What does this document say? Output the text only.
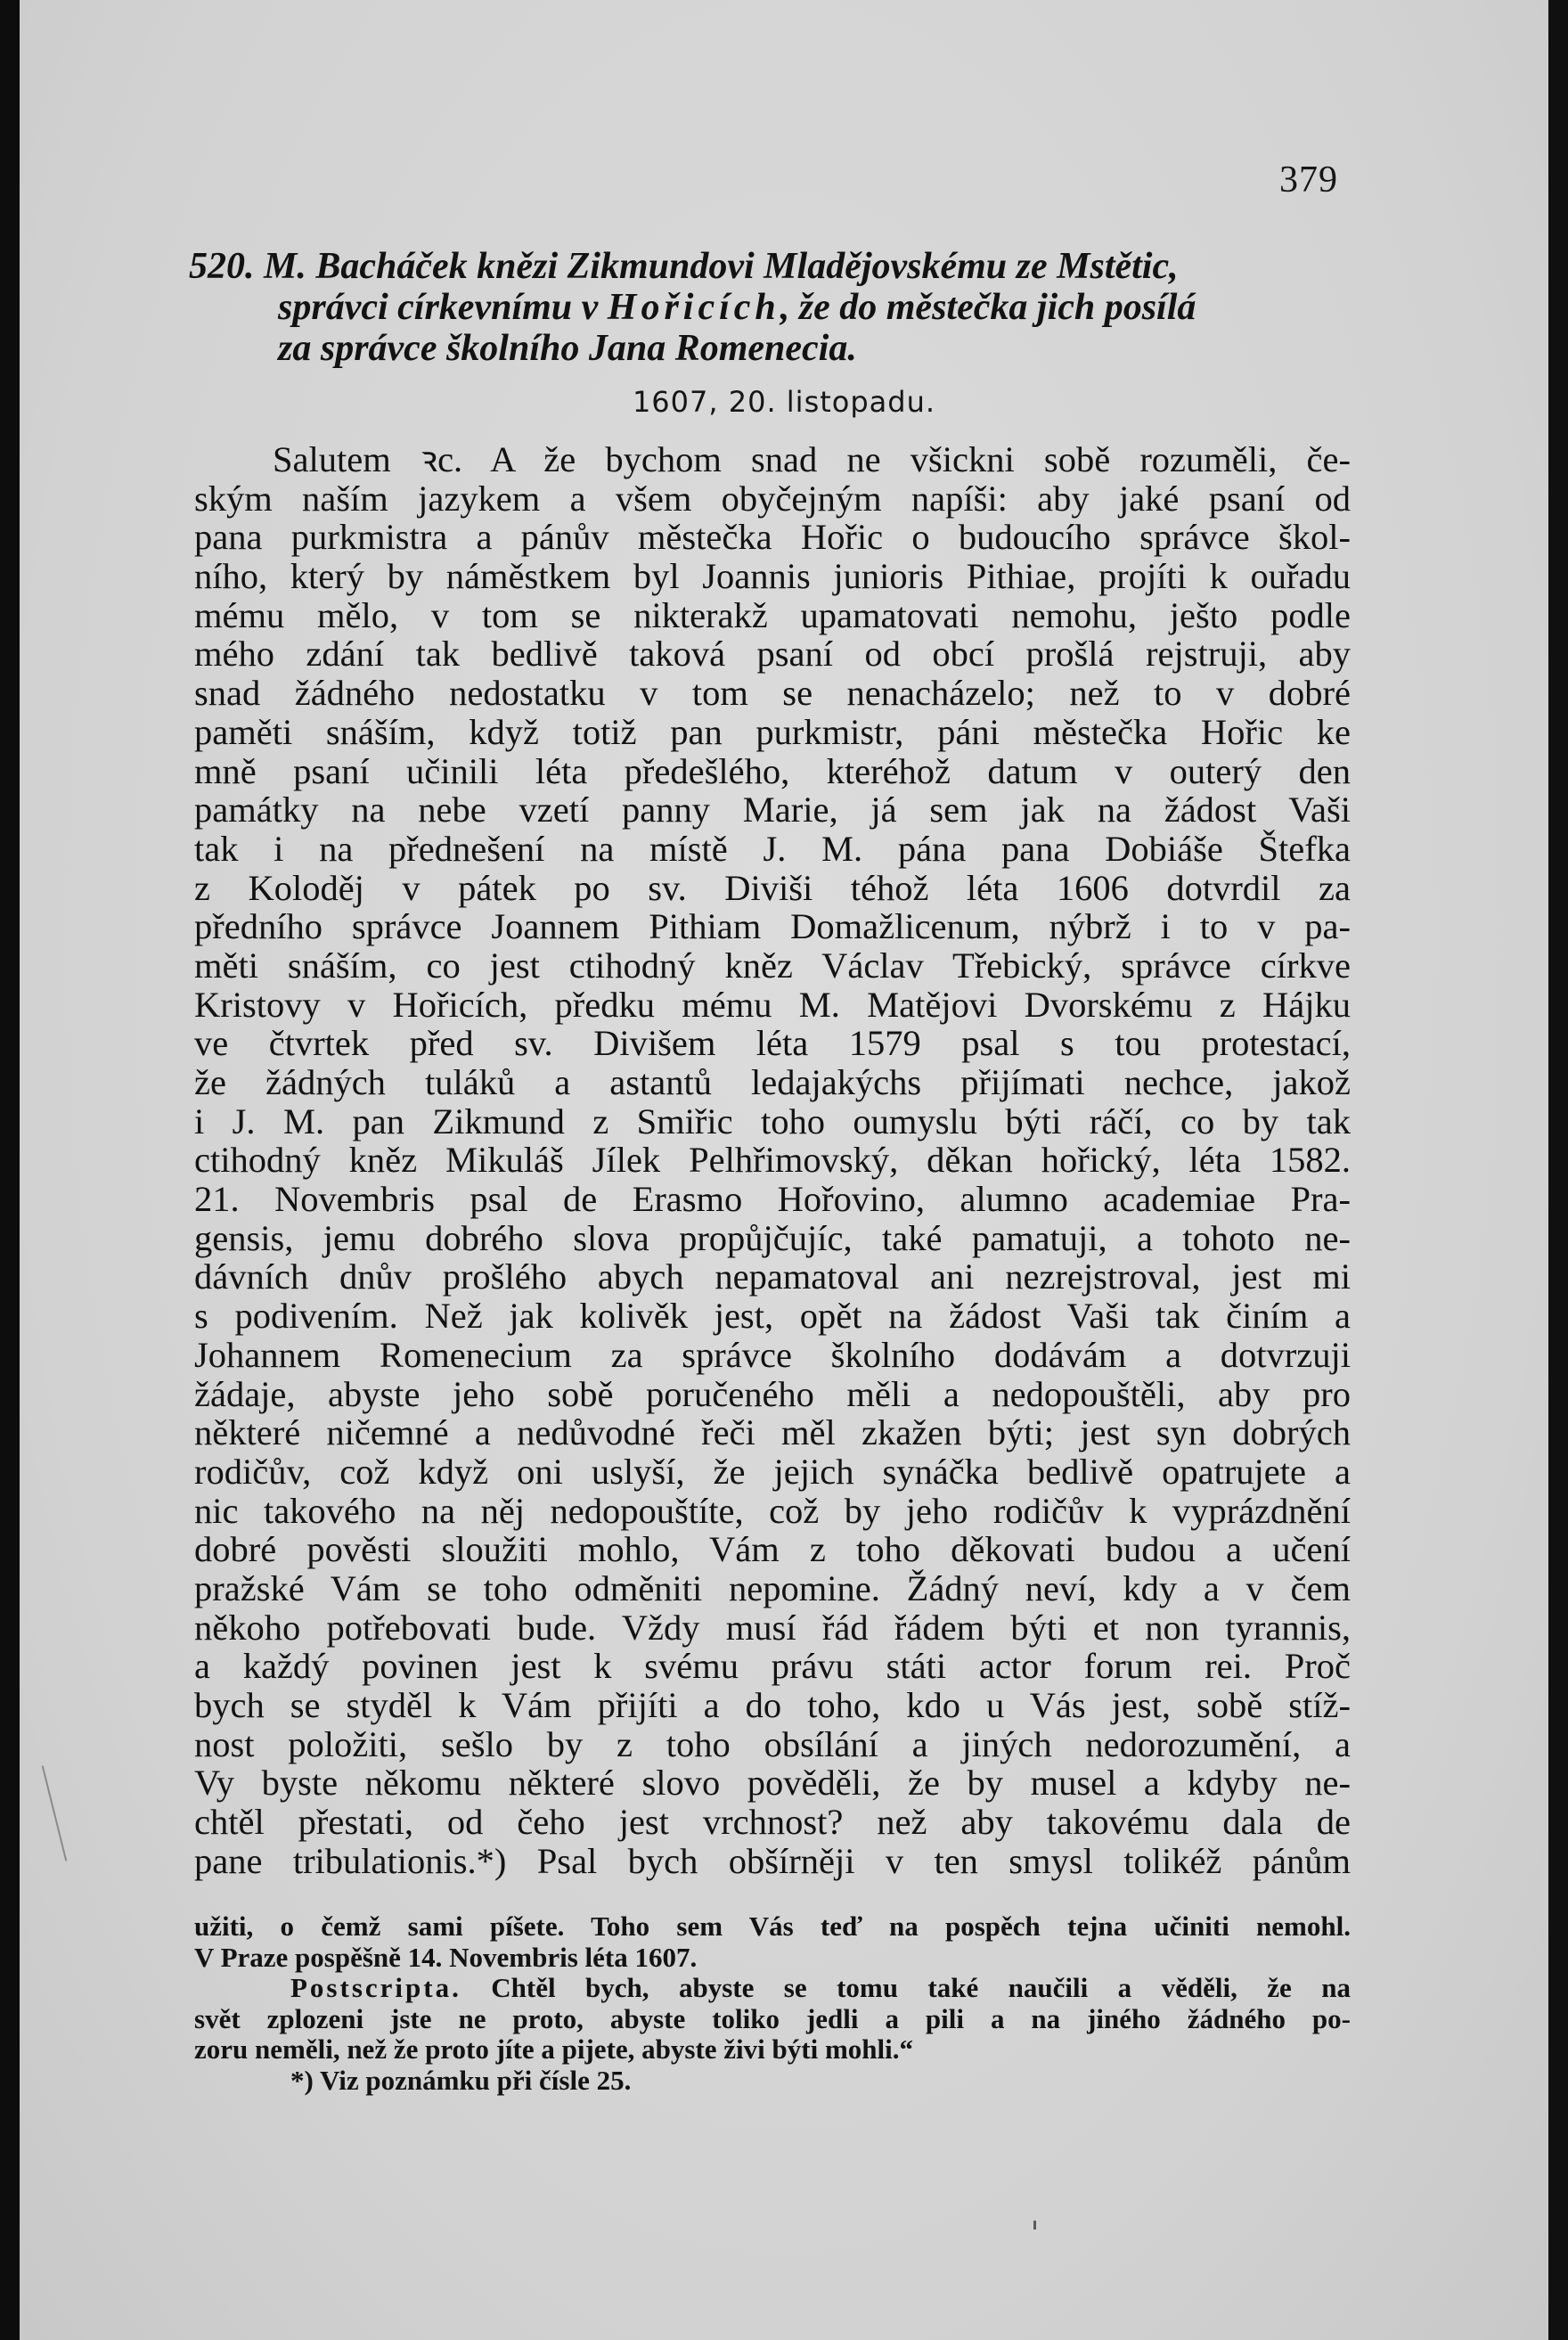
379
520. M. Bacháček knězi Zikmundovi Mladějovskému ze Mstětic,
správci církevnímu v Hořicích, že do městečka jich posílá
za správce školního Jana Romenecia.
1607, 20. listopadu.
Salutem ꝛc. A že bychom snad ne všickni sobě rozuměli, če-
ským naším jazykem a všem obyčejným napíši: aby jaké psaní od
pana purkmistra a pánův městečka Hořic o budoucího správce škol-
ního, který by náměstkem byl Joannis junioris Pithiae, projíti k ouřadu
mému mělo, v tom se nikterakž upamatovati nemohu, ješto podle
mého zdání tak bedlivě taková psaní od obcí prošlá rejstruji, aby
snad žádného nedostatku v tom se nenacházelo; než to v dobré
paměti snáším, když totiž pan purkmistr, páni městečka Hořic ke
mně psaní učinili léta předešlého, kteréhož datum v outerý den
památky na nebe vzetí panny Marie, já sem jak na žádost Vaši
tak i na přednešení na místě J. M. pána pana Dobiáše Štefka
z Koloděj v pátek po sv. Diviši téhož léta 1606 dotvrdil za
předního správce Joannem Pithiam Domažlicenum, nýbrž i to v pa-
měti snáším, co jest ctihodný kněz Václav Třebický, správce církve
Kristovy v Hořicích, předku mému M. Matějovi Dvorskému z Hájku
ve čtvrtek před sv. Divišem léta 1579 psal s tou protestací,
že žádných tuláků a astantů ledajakýchs přijímati nechce, jakož
i J. M. pan Zikmund z Smiřic toho oumyslu býti ráčí, co by tak
ctihodný kněz Mikuláš Jílek Pelhřimovský, děkan hořický, léta 1582.
21. Novembris psal de Erasmo Hořovino, alumno academiae Pra-
gensis, jemu dobrého slova propůjčujíc, také pamatuji, a tohoto ne-
dávních dnův prošlého abych nepamatoval ani nezrejstroval, jest mi
s podivením. Než jak kolivěk jest, opět na žádost Vaši tak činím a
Johannem Romenecium za správce školního dodávám a dotvrzuji
žádaje, abyste jeho sobě poručeného měli a nedopouštěli, aby pro
některé ničemné a nedůvodné řeči měl zkažen býti; jest syn dobrých
rodičův, což když oni uslyší, že jejich synáčka bedlivě opatrujete a
nic takového na něj nedopouštíte, což by jeho rodičův k vyprázdnění
dobré pověsti sloužiti mohlo, Vám z toho děkovati budou a učení
pražské Vám se toho odměniti nepomine. Žádný neví, kdy a v čem
někoho potřebovati bude. Vždy musí řád řádem býti et non tyrannis,
a každý povinen jest k svému právu státi actor forum rei. Proč
bych se styděl k Vám přijíti a do toho, kdo u Vás jest, sobě stíž-
nost položiti, sešlo by z toho obsílání a jiných nedorozumění, a
Vy byste někomu některé slovo pověděli, že by musel a kdyby ne-
chtěl přestati, od čeho jest vrchnost? než aby takovému dala de
pane tribulationis.*) Psal bych obšírněji v ten smysl tolikéž pánům
užiti, o čemž sami píšete. Toho sem Vás teď na pospěch tejna učiniti nemohl.
V Praze pospěšně 14. Novembris léta 1607.
Postscripta. Chtěl bych, abyste se tomu také naučili a věděli, že na
svět zplozeni jste ne proto, abyste toliko jedli a pili a na jiného žádného po-
zoru neměli, než že proto jíte a pijete, abyste živi býti mohli.“
*) Viz poznámku při čísle 25.
